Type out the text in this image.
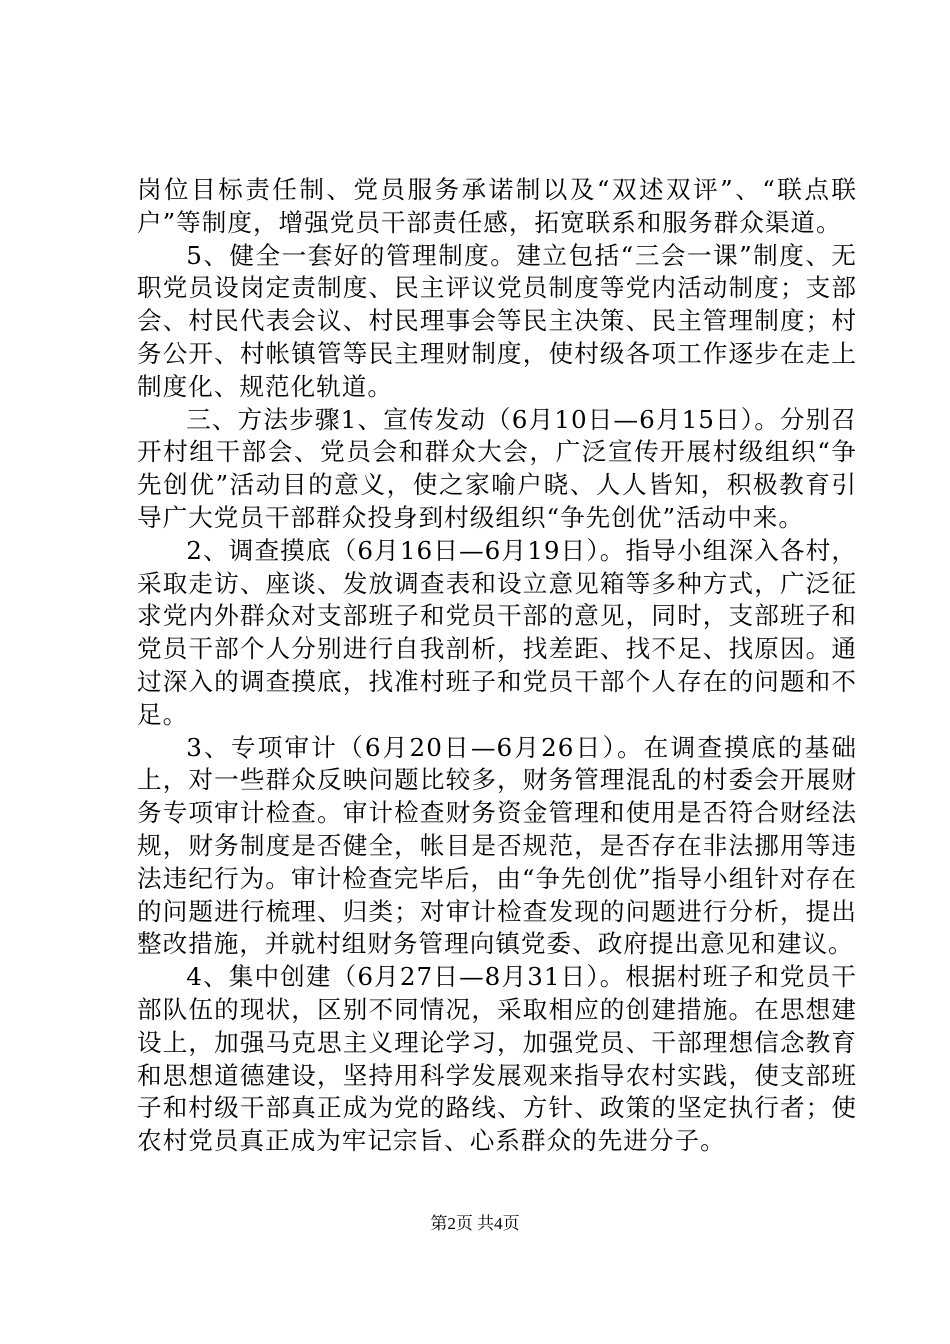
岗位目标责任制、党员服务承诺制以及“双述双评”、“联点联户”等制度，增强党员干部责任感，拓宽联系和服务群众渠道。

5、健全一套好的管理制度。建立包括“三会一课”制度、无职党员设岗定责制度、民主评议党员制度等党内活动制度；支部会、村民代表会议、村民理事会等民主决策、民主管理制度；村务公开、村帐镇管等民主理财制度，使村级各项工作逐步在走上制度化、规范化轨道。

三、方法步骤1、宣传发动（6月10日—6月15日）。分别召开村组干部会、党员会和群众大会，广泛宣传开展村级组织“争先创优”活动目的意义，使之家喻户晓、人人皆知，积极教育引导广大党员干部群众投身到村级组织“争先创优”活动中来。

2、调查摸底（6月16日—6月19日）。指导小组深入各村，采取走访、座谈、发放调查表和设立意见箱等多种方式，广泛征求党内外群众对支部班子和党员干部的意见，同时，支部班子和党员干部个人分别进行自我剖析，找差距、找不足、找原因。通过深入的调查摸底，找准村班子和党员干部个人存在的问题和不足。

3、专项审计（6月20日—6月26日）。在调查摸底的基础上，对一些群众反映问题比较多，财务管理混乱的村委会开展财务专项审计检查。审计检查财务资金管理和使用是否符合财经法规，财务制度是否健全，帐目是否规范，是否存在非法挪用等违法违纪行为。审计检查完毕后，由“争先创优”指导小组针对存在的问题进行梳理、归类；对审计检查发现的问题进行分析，提出整改措施，并就村组财务管理向镇党委、政府提出意见和建议。

4、集中创建（6月27日—8月31日）。根据村班子和党员干部队伍的现状，区别不同情况，采取相应的创建措施。在思想建设上，加强马克思主义理论学习，加强党员、干部理想信念教育和思想道德建设，坚持用科学发展观来指导农村实践，使支部班子和村级干部真正成为党的路线、方针、政策的坚定执行者；使农村党员真正成为牢记宗旨、心系群众的先进分子。

第2页 共4页
